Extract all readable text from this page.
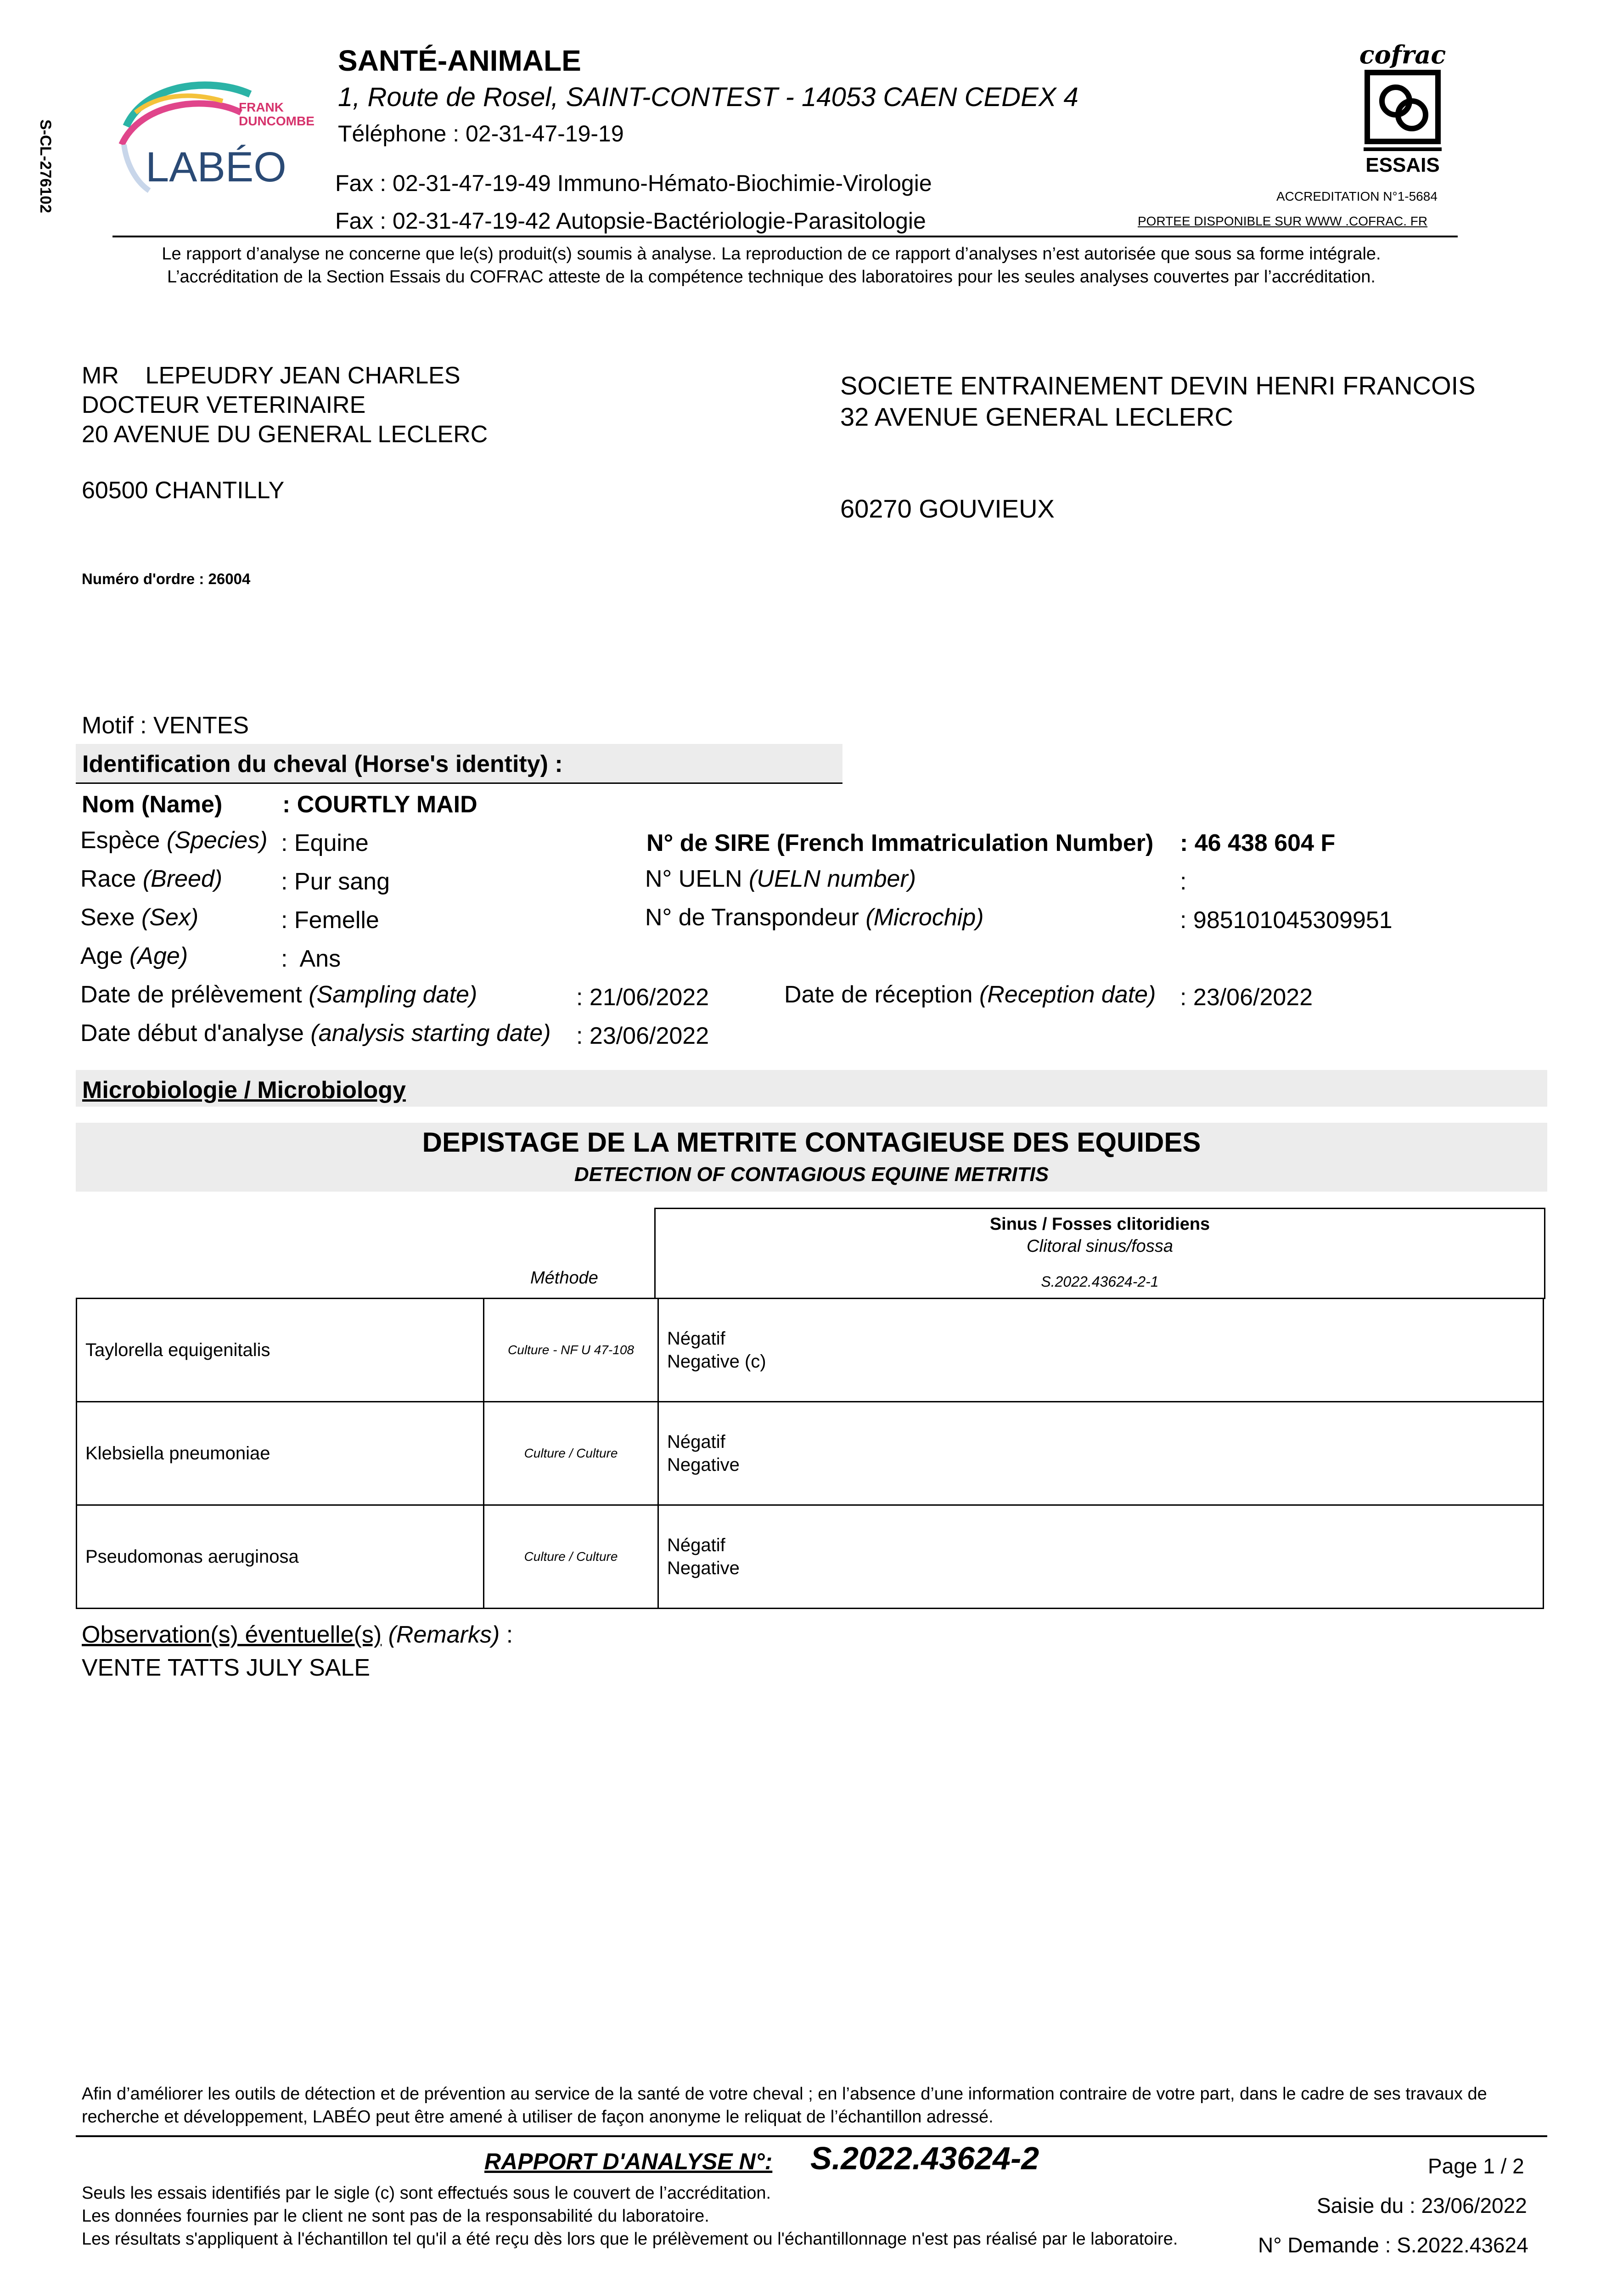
S-CL-276102
FRANK
DUNCOMBE
LABÉO
SANTÉ-ANIMALE
1, Route de Rosel, SAINT-CONTEST - 14053 CAEN CEDEX 4
Téléphone : 02-31-47-19-19
Fax : 02-31-47-19-49 Immuno-Hémato-Biochimie-Virologie
Fax : 02-31-47-19-42 Autopsie-Bactériologie-Parasitologie
cofrac
ESSAIS
ACCREDITATION N°1-5684
PORTEE DISPONIBLE SUR WWW .COFRAC. FR
Le rapport d’analyse ne concerne que le(s) produit(s) soumis à analyse. La reproduction de ce rapport d’analyses n’est autorisée que sous sa forme intégrale.
L’accréditation de la Section Essais du COFRAC atteste de la compétence technique des laboratoires pour les seules analyses couvertes par l’accréditation.
MR    LEPEUDRY JEAN CHARLES
DOCTEUR VETERINAIRE
20 AVENUE DU GENERAL LECLERC
60500 CHANTILLY
SOCIETE ENTRAINEMENT DEVIN HENRI FRANCOIS
32 AVENUE GENERAL LECLERC
60270 GOUVIEUX
Numéro d'ordre : 26004
Motif : VENTES
Identification du cheval (Horse's identity) :
Nom (Name)	: COURTLY MAID
Espèce (Species) : Equine
Race (Breed) : Pur sang
Sexe (Sex)	: Femelle
Age (Age)	:  Ans
N° de SIRE (French Immatriculation Number) : 46 438 604 F
N° UELN (UELN number)	:
N° de Transpondeur (Microchip)	: 985101045309951
Date de prélèvement (Sampling date)	: 21/06/2022	Date de réception (Reception date) : 23/06/2022
Date début d'analyse (analysis starting date) : 23/06/2022
Microbiologie / Microbiology
DEPISTAGE DE LA METRITE CONTAGIEUSE DES EQUIDES
DETECTION OF CONTAGIOUS EQUINE METRITIS
Méthode
Sinus / Fosses clitoridiens
Clitoral sinus/fossa
S.2022.43624-2-1
Taylorella equigenitalis	Culture - NF U 47-108	Négatif
Negative (c)

Klebsiella pneumoniae	Culture / Culture	Négatif
Negative

Pseudomonas aeruginosa	Culture / Culture	Négatif
Negative
Observation(s) éventuelle(s) (Remarks) :
VENTE TATTS JULY SALE
Afin d’améliorer les outils de détection et de prévention au service de la santé de votre cheval ; en l’absence d’une information contraire de votre part, dans le cadre de ses travaux de recherche et développement, LABÉO peut être amené à utiliser de façon anonyme le reliquat de l’échantillon adressé.
RAPPORT D'ANALYSE N°: S.2022.43624-2
Seuls les essais identifiés par le sigle (c) sont effectués sous le couvert de l’accréditation.
Les données fournies par le client ne sont pas de la responsabilité du laboratoire.
Les résultats s'appliquent à l'échantillon tel qu'il a été reçu dès lors que le prélèvement ou l'échantillonnage n'est pas réalisé par le laboratoire.
Page 1 / 2
Saisie du : 23/06/2022
N° Demande : S.2022.43624
